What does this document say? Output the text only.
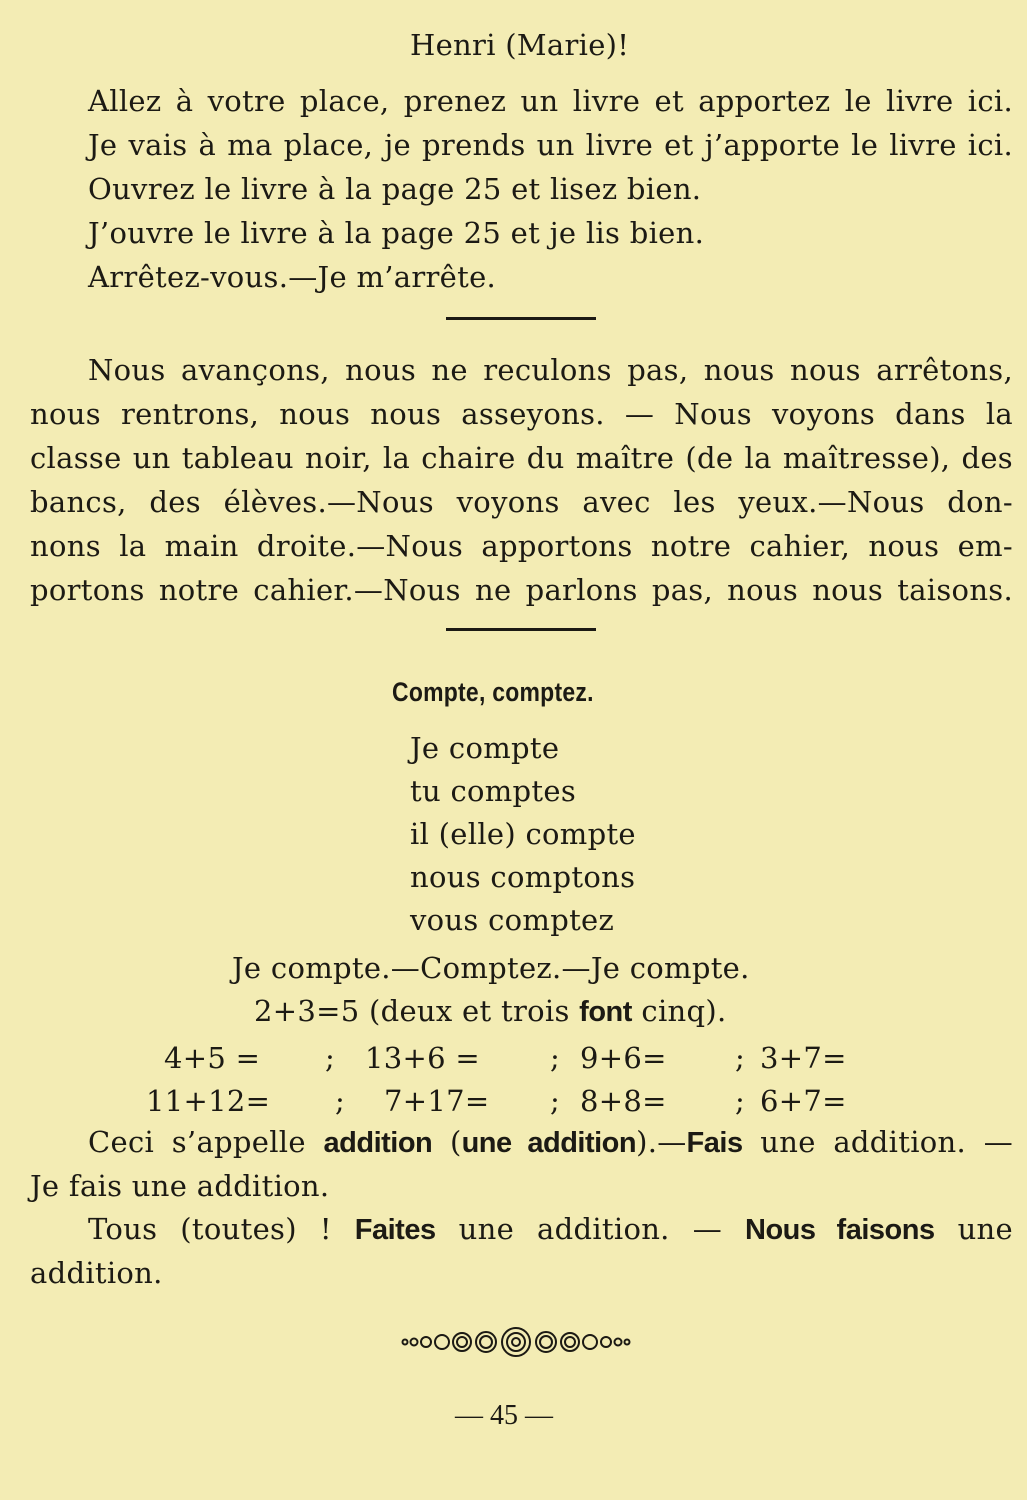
Henri (Marie)!
Allez à votre place, prenez un livre et apportez le livre ici.
Je vais à ma place, je prends un livre et j’apporte le livre ici.
Ouvrez le livre à la page 25 et lisez bien.
J’ouvre le livre à la page 25 et je lis bien.
Arrêtez-vous.—Je m’arrête.
Nous avançons, nous ne reculons pas, nous nous arrêtons,
nous rentrons, nous nous asseyons. — Nous voyons dans la
classe un tableau noir, la chaire du maître (de la maîtresse), des
bancs, des élèves.—Nous voyons avec les yeux.—Nous don-
nons la main droite.—Nous apportons notre cahier, nous em-
portons notre cahier.—Nous ne parlons pas, nous nous taisons.
Compte, comptez.
Je compte
tu comptes
il (elle) compte
nous comptons
vous comptez
Je compte.—Comptez.—Je compte.
2+3=5 (deux et trois font cinq).
4+5 = ; 13+6 = ; 9+6= ; 3+7=
11+12= ; 7+17= ; 8+8= ; 6+7=
Ceci s’appelle addition (une addition).—Fais une addition. —
Je fais une addition.
Tous (toutes) ! Faites une addition. — Nous faisons une
addition.
— 45 —
